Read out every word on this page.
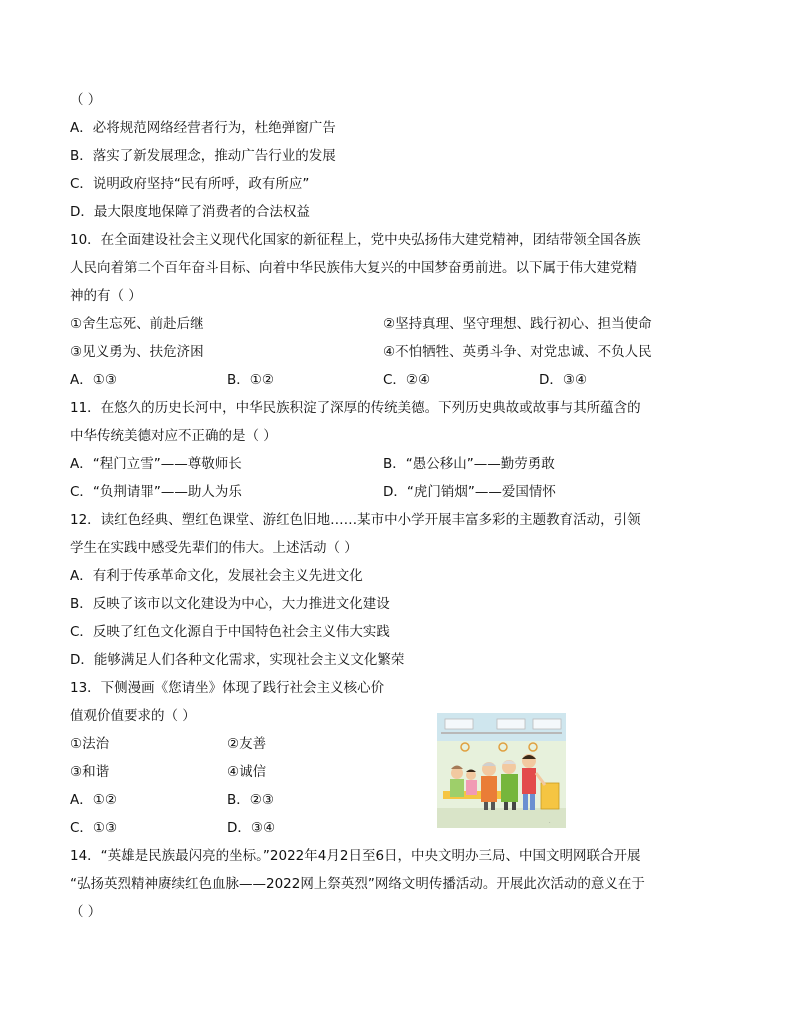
（ ）
A．必将规范网络经营者行为，杜绝弹窗广告
B．落实了新发展理念，推动广告行业的发展
C．说明政府坚持“民有所呼，政有所应”
D．最大限度地保障了消费者的合法权益
10．在全面建设社会主义现代化国家的新征程上，党中央弘扬伟大建党精神，团结带领全国各族
人民向着第二个百年奋斗目标、向着中华民族伟大复兴的中国梦奋勇前进。以下属于伟大建党精
神的有（ ）
①舍生忘死、前赴后继	②坚持真理、坚守理想、践行初心、担当使命
③见义勇为、扶危济困	④不怕牺牲、英勇斗争、对党忠诚、不负人民
A．①③	B．①②	C．②④	D．③④
11．在悠久的历史长河中，中华民族积淀了深厚的传统美德。下列历史典故或故事与其所蕴含的
中华传统美德对应不正确的是（ ）
A．“程门立雪”——尊敬师长	B．“愚公移山”——勤劳勇敢
C．“负荆请罪”——助人为乐	D．“虎门销烟”——爱国情怀
12．读红色经典、塑红色课堂、游红色旧地……某市中小学开展丰富多彩的主题教育活动，引领
学生在实践中感受先辈们的伟大。上述活动（ ）
A．有利于传承革命文化，发展社会主义先进文化
B．反映了该市以文化建设为中心，大力推进文化建设
C．反映了红色文化源自于中国特色社会主义伟大实践
D．能够满足人们各种文化需求，实现社会主义文化繁荣
13．下侧漫画《您请坐》体现了践行社会主义核心价
值观价值要求的（ ）
①法治	②友善
③和谐	④诚信
A．①②	B．②③
C．①③	D．③④	·
14．“英雄是民族最闪亮的坐标。”2022年4月2日至6日，中央文明办三局、中国文明网联合开展
“弘扬英烈精神赓续红色血脉——2022网上祭英烈”网络文明传播活动。开展此次活动的意义在于
（ ）
